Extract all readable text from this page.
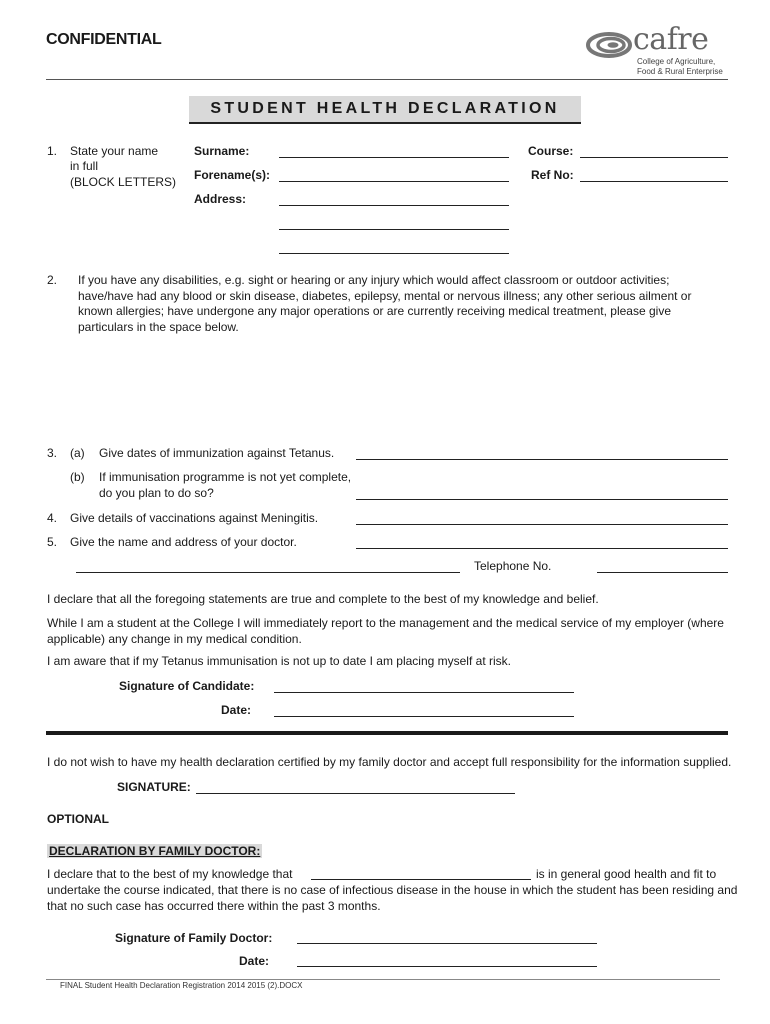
CONFIDENTIAL	cafre
College of Agriculture,
Food & Rural Enterprise
STUDENT HEALTH DECLARATION
1. State your name
in full
(BLOCK LETTERS)
Surname:
Forename(s):
Address:
Course:
Ref No:
2. If you have any disabilities, e.g. sight or hearing or any injury which would affect classroom or outdoor activities; have/have had any blood or skin disease, diabetes, epilepsy, mental or nervous illness; any other serious ailment or known allergies; have undergone any major operations or are currently receiving medical treatment, please give particulars in the space below.
3. (a) Give dates of immunization against Tetanus.
(b) If immunisation programme is not yet complete,
do you plan to do so?
4. Give details of vaccinations against Meningitis.
5. Give the name and address of your doctor.
Telephone No.
I declare that all the foregoing statements are true and complete to the best of my knowledge and belief.
While I am a student at the College I will immediately report to the management and the medical service of my employer (where applicable) any change in my medical condition.
I am aware that if my Tetanus immunisation is not up to date I am placing myself at risk.
Signature of Candidate:
Date:
I do not wish to have my health declaration certified by my family doctor and accept full responsibility for the information supplied.
SIGNATURE:
OPTIONAL
DECLARATION BY FAMILY DOCTOR:
I declare that to the best of my knowledge that	is in general good health and fit to
undertake the course indicated, that there is no case of infectious disease in the house in which the student has been residing and
that no such case has occurred there within the past 3 months.
Signature of Family Doctor:
Date:
FINAL Student Health Declaration Registration 2014 2015 (2).DOCX
